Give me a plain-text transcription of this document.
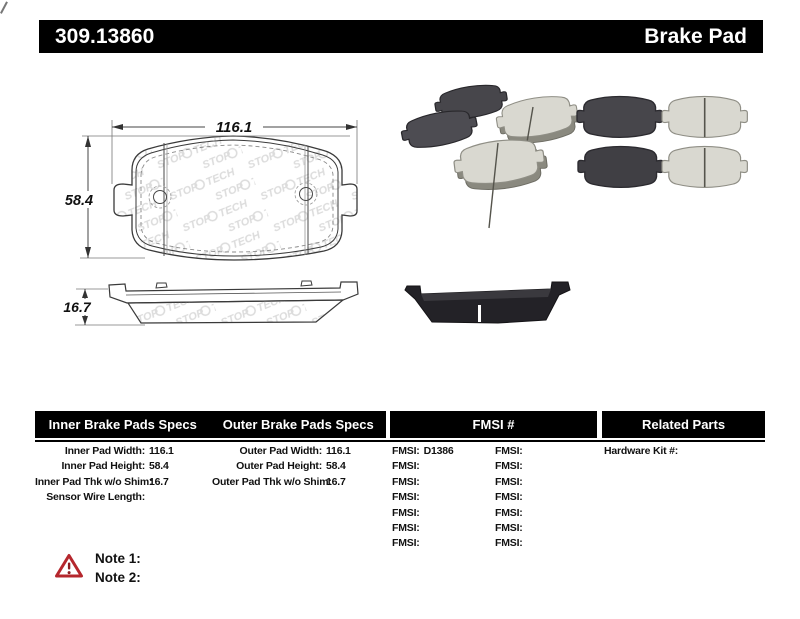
309.13860	Brake Pad
116.1
58.4
16.7
Inner Brake Pads Specs	Outer Brake Pads Specs	FMSI #	Related Parts
Inner Pad Width: 116.1
Inner Pad Height: 58.4
Inner Pad Thk w/o Shim:
16.7
Sensor Wire Length:
Outer Pad Width: 116.1
Outer Pad Height: 58.4
Outer Pad Thk w/o Shim:
16.7
FMSI: D1386
FMSI:
FMSI:
FMSI:
FMSI:
FMSI:
FMSI:
FMSI:
FMSI:
FMSI:
FMSI:
FMSI:
FMSI:
FMSI:
Hardware Kit #:
Note 1:
Note 2:
